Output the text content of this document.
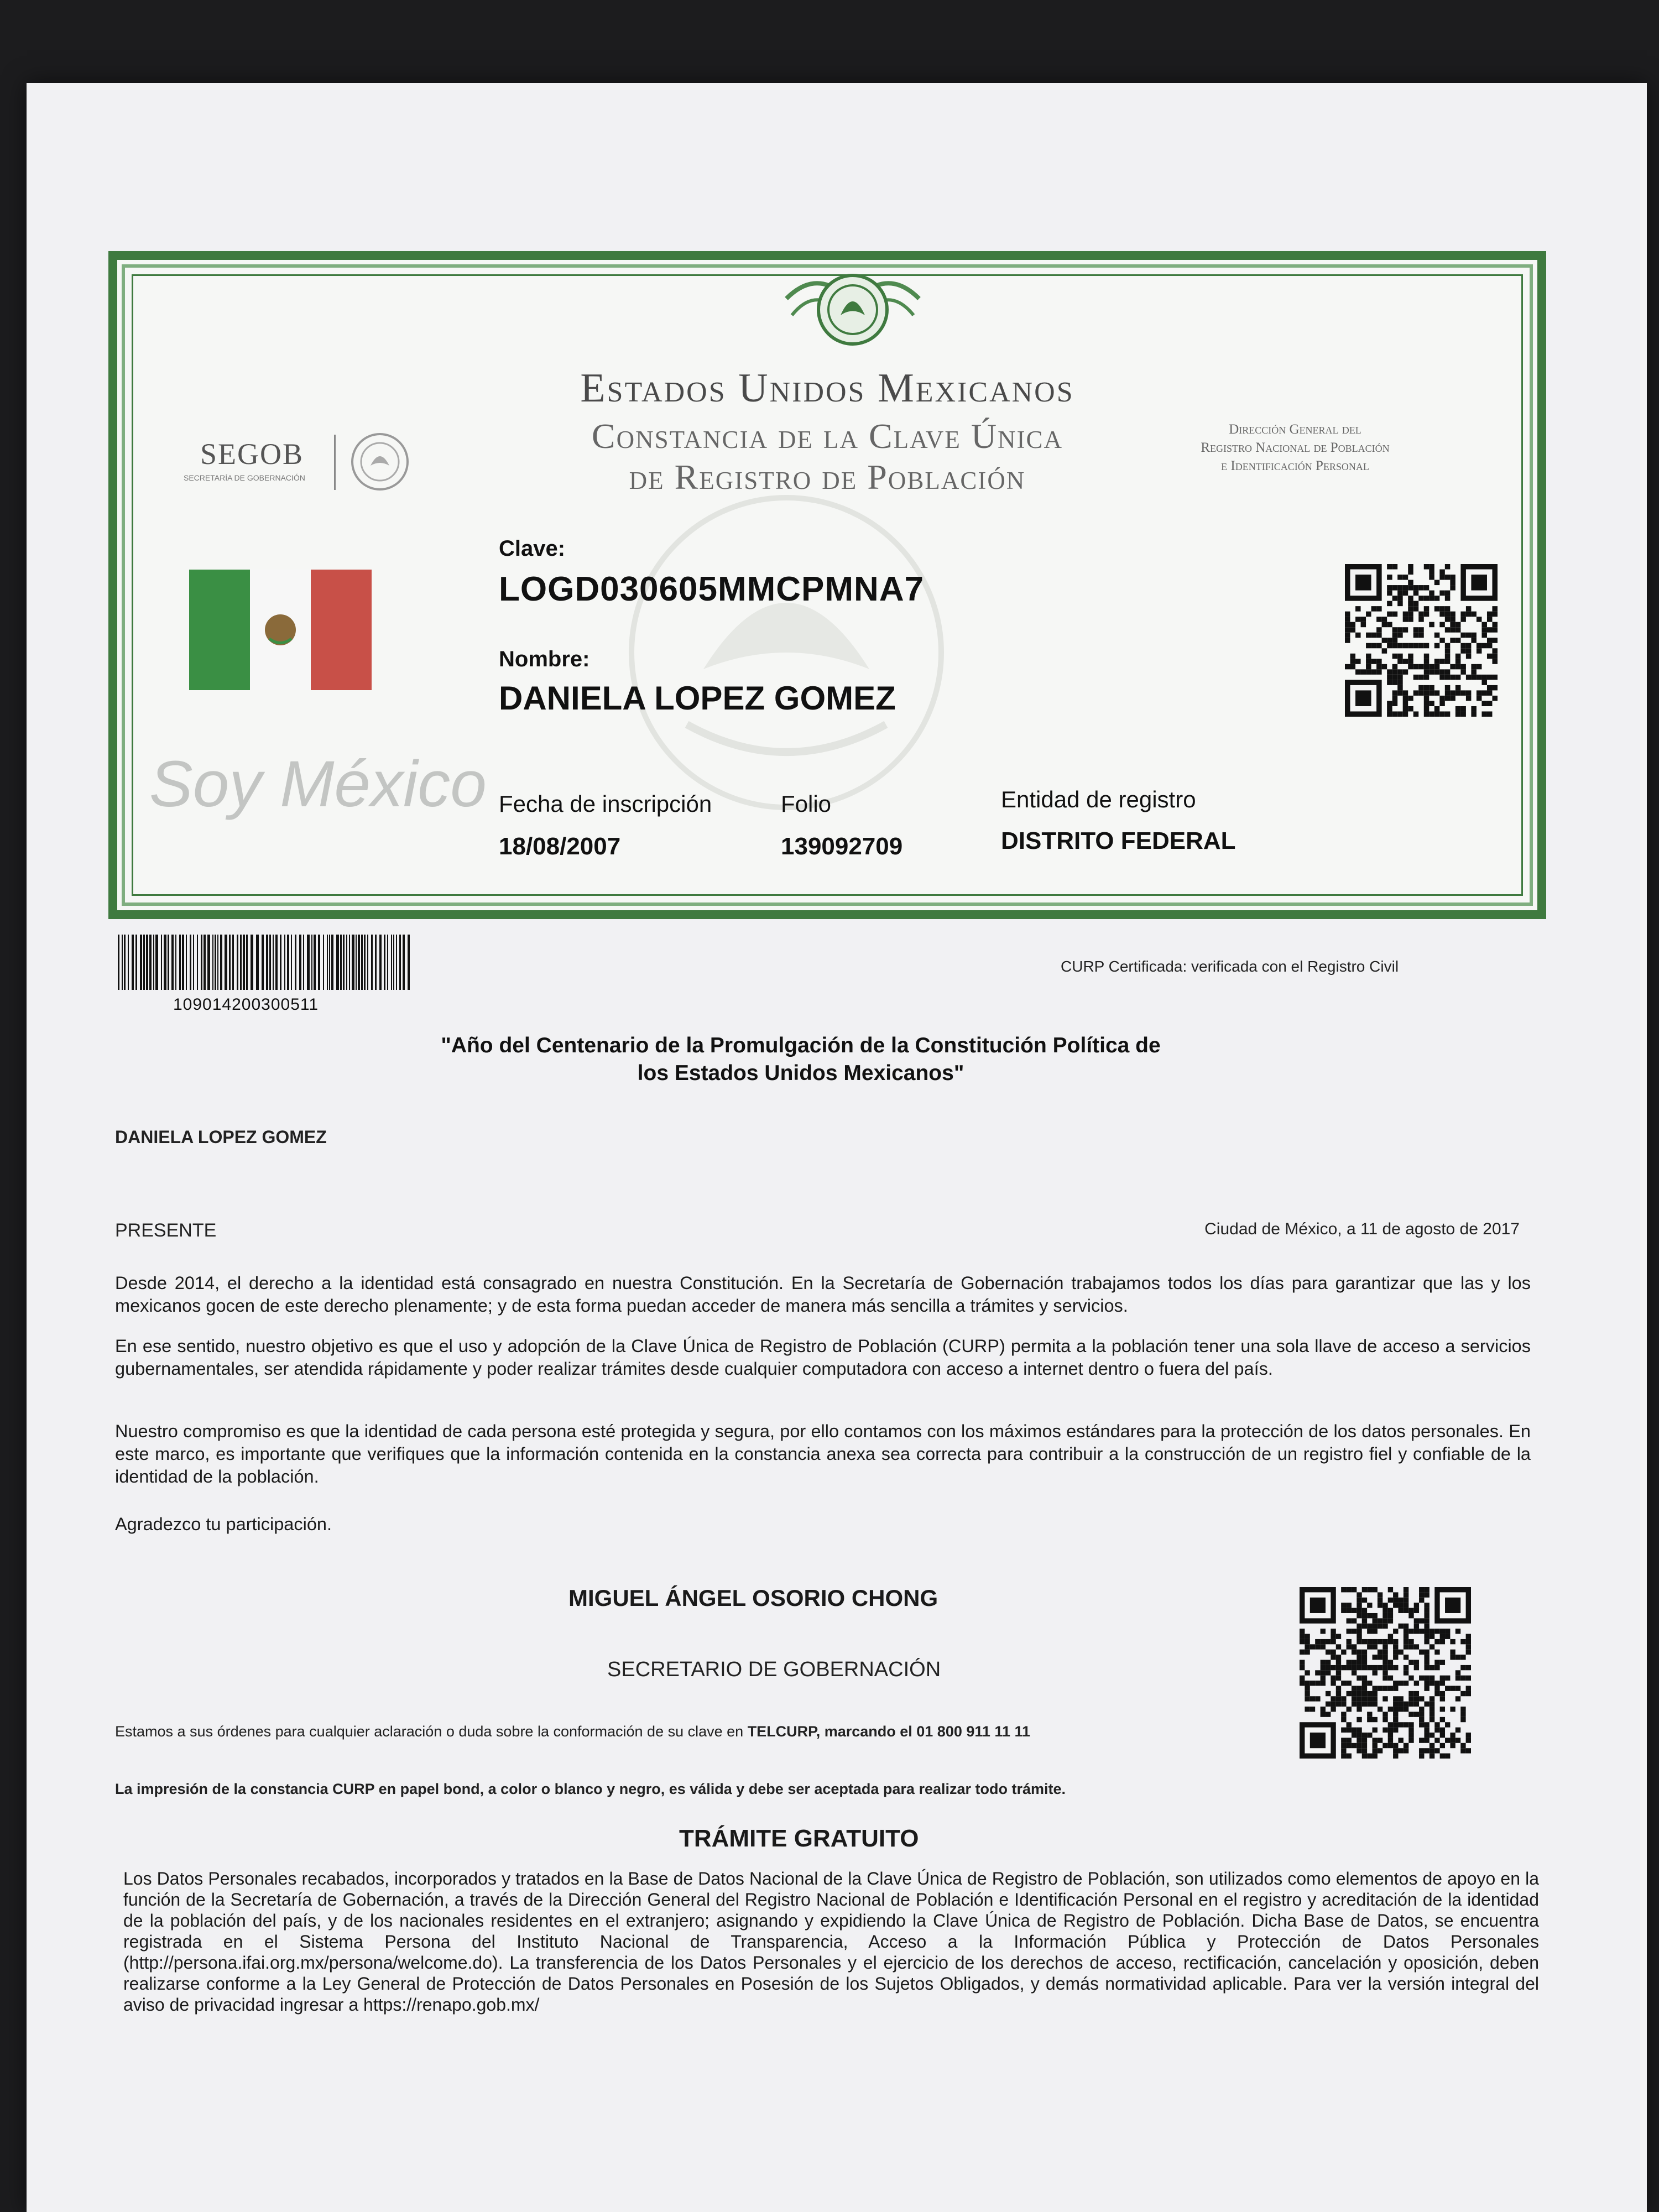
Estados Unidos Mexicanos
Constancia de la Clave Única
de Registro de Población
SEGOB
SECRETARÍA DE GOBERNACIÓN
Dirección General del
Registro Nacional de Población
e Identificación Personal
Soy México
Clave:
LOGD030605MMCPMNA7
Nombre:
DANIELA LOPEZ GOMEZ
Fecha de inscripción
18/08/2007
Folio
139092709
Entidad de registro
DISTRITO FEDERAL
109014200300511
CURP Certificada: verificada con el Registro Civil
"Año del Centenario de la Promulgación de la Constitución Política de
los Estados Unidos Mexicanos"
DANIELA LOPEZ GOMEZ
PRESENTE	Ciudad de México, a 11 de agosto de 2017
Desde 2014, el derecho a la identidad está consagrado en nuestra Constitución. En la Secretaría de Gobernación trabajamos todos los días para garantizar que las y los mexicanos gocen de este derecho plenamente; y de esta forma puedan acceder de manera más sencilla a trámites y servicios.
En ese sentido, nuestro objetivo es que el uso y adopción de la Clave Única de Registro de Población (CURP) permita a la población tener una sola llave de acceso a servicios gubernamentales, ser atendida rápidamente y poder realizar trámites desde cualquier computadora con acceso a internet dentro o fuera del país.
Nuestro compromiso es que la identidad de cada persona esté protegida y segura, por ello contamos con los máximos estándares para la protección de los datos personales. En este marco, es importante que verifiques que la información contenida en la constancia anexa sea correcta para contribuir a la construcción de un registro fiel y confiable de la identidad de la población.
Agradezco tu participación.
MIGUEL ÁNGEL OSORIO CHONG
SECRETARIO DE GOBERNACIÓN
Estamos a sus órdenes para cualquier aclaración o duda sobre la conformación de su clave en TELCURP, marcando el 01 800 911 11 11
La impresión de la constancia CURP en papel bond, a color o blanco y negro, es válida y debe ser aceptada para realizar todo trámite.
TRÁMITE GRATUITO
Los Datos Personales recabados, incorporados y tratados en la Base de Datos Nacional de la Clave Única de Registro de Población, son utilizados como elementos de apoyo en la función de la Secretaría de Gobernación, a través de la Dirección General del Registro Nacional de Población e Identificación Personal en el registro y acreditación de la identidad de la población del país, y de los nacionales residentes en el extranjero; asignando y expidiendo la Clave Única de Registro de Población. Dicha Base de Datos, se encuentra registrada en el Sistema Persona del Instituto Nacional de Transparencia, Acceso a la Información Pública y Protección de Datos Personales (http://persona.ifai.org.mx/persona/welcome.do). La transferencia de los Datos Personales y el ejercicio de los derechos de acceso, rectificación, cancelación y oposición, deben realizarse conforme a la Ley General de Protección de Datos Personales en Posesión de los Sujetos Obligados, y demás normatividad aplicable. Para ver la versión integral del aviso de privacidad ingresar a https://renapo.gob.mx/
